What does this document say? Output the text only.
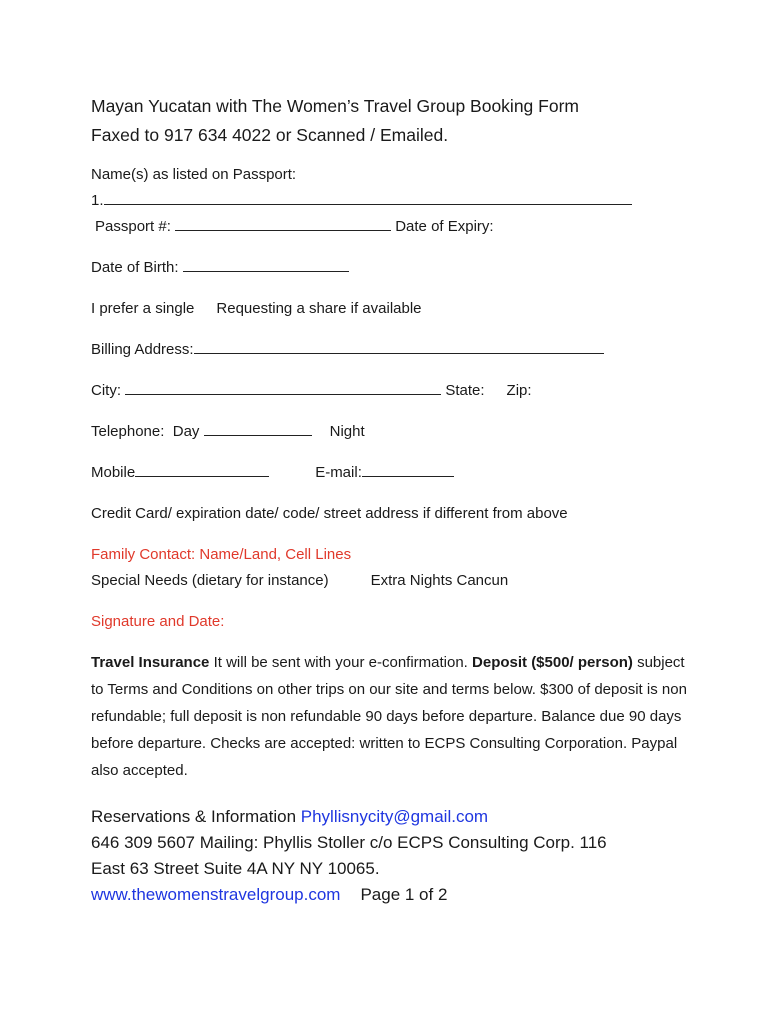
Mayan Yucatan with The Women’s Travel Group Booking Form
Faxed to 917 634 4022 or Scanned / Emailed.
Name(s) as listed on Passport:
1.
Passport #:	Date of Expiry:
Date of Birth:
I prefer a single Requesting a share if available
Billing Address:
City:	State: Zip:
Telephone: Day	Night
Mobile	E-mail:
Credit Card/ expiration date/ code/ street address if different from above
Family Contact: Name/Land, Cell Lines
Special Needs (dietary for instance)	Extra Nights Cancun
Signature and Date:
Travel Insurance It will be sent with your e-confirmation. Deposit ($500/ person) subject to Terms and Conditions on other trips on our site and terms below. $300 of deposit is non refundable; full deposit is non refundable 90 days before departure. Balance due 90 days before departure. Checks are accepted: written to ECPS Consulting Corporation. Paypal also accepted.
Reservations & Information Phyllisnycity@gmail.com
646 309 5607 Mailing: Phyllis Stoller c/o ECPS Consulting Corp. 116
East 63 Street Suite 4A NY NY 10065.
www.thewomenstravelgroup.com Page 1 of 2
